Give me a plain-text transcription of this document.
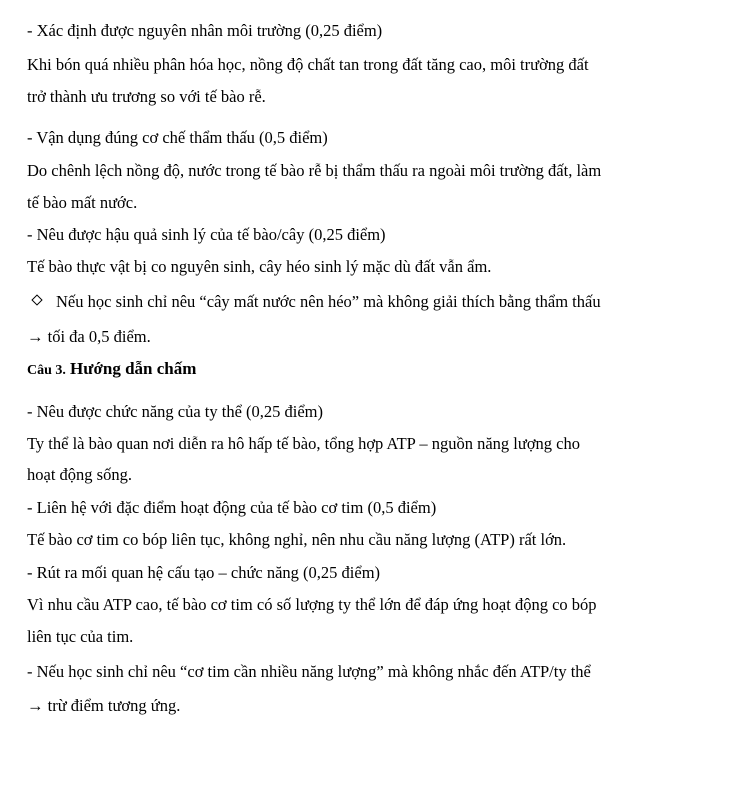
- Xác định được nguyên nhân môi trường (0,25 điểm)
Khi bón quá nhiều phân hóa học, nồng độ chất tan trong đất tăng cao, môi trường đất
trở thành ưu trương so với tế bào rễ.
- Vận dụng đúng cơ chế thẩm thấu (0,5 điểm)
Do chênh lệch nồng độ, nước trong tế bào rễ bị thẩm thấu ra ngoài môi trường đất, làm
tế bào mất nước.
- Nêu được hậu quả sinh lý của tế bào/cây (0,25 điểm)
Tế bào thực vật bị co nguyên sinh, cây héo sinh lý mặc dù đất vẫn ẩm.
Nếu học sinh chỉ nêu “cây mất nước nên héo” mà không giải thích bằng thẩm thấu
→ tối đa 0,5 điểm.
Câu 3. Hướng dẫn chấm
- Nêu được chức năng của ty thể (0,25 điểm)
Ty thể là bào quan nơi diễn ra hô hấp tế bào, tổng hợp ATP – nguồn năng lượng cho
hoạt động sống.
- Liên hệ với đặc điểm hoạt động của tế bào cơ tim (0,5 điểm)
Tế bào cơ tim co bóp liên tục, không nghỉ, nên nhu cầu năng lượng (ATP) rất lớn.
- Rút ra mối quan hệ cấu tạo – chức năng (0,25 điểm)
Vì nhu cầu ATP cao, tế bào cơ tim có số lượng ty thể lớn để đáp ứng hoạt động co bóp
liên tục của tim.
- Nếu học sinh chỉ nêu “cơ tim cần nhiều năng lượng” mà không nhắc đến ATP/ty thể
→ trừ điểm tương ứng.
